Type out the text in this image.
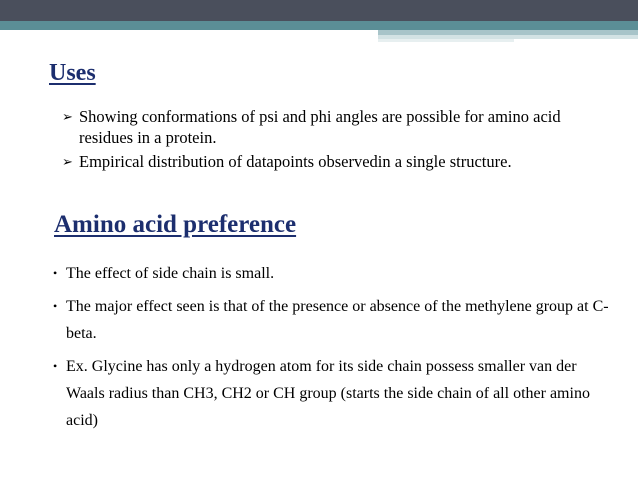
Uses
➢ Showing conformations of psi and phi angles are possible for amino acid residues in a protein.
➢ Empirical distribution of datapoints observedin a single structure.
Amino acid preference
• The effect of side chain is small.
• The major effect seen is that of the presence or absence of the methylene group at C- beta.
• Ex. Glycine has only a hydrogen atom for its side chain possess smaller van der Waals radius than CH3, CH2 or CH group (starts the side chain of all other amino acid)
